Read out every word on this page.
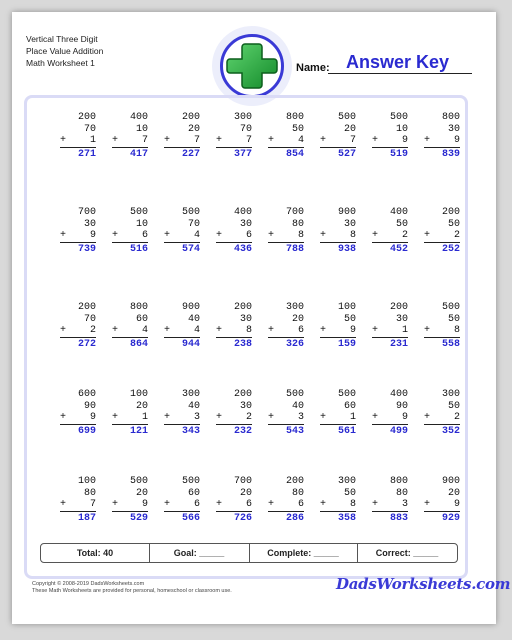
Vertical Three Digit
Place Value Addition
Math Worksheet 1	Name: Answer Key
200
70
1
+
271
400
10
7
+
417
200
20
7
+
227
300
70
7
+
377
800
50
4
+
854
500
20
7
+
527
500
10
9
+
519
800
30
9
+
839
700
30
9
+
739
500
10
6
+
516
500
70
4
+
574
400
30
6
+
436
700
80
8
+
788
900
30
8
+
938
400
50
2
+
452
200
50
2
+
252
200
70
2
+
272
800
60
4
+
864
900
40
4
+
944
200
30
8
+
238
300
20
6
+
326
100
50
9
+
159
200
30
1
+
231
500
50
8
+
558
600
90
9
+
699
100
20
1
+
121
300
40
3
+
343
200
30
2
+
232
500
40
3
+
543
500
60
1
+
561
400
90
9
+
499
300
50
2
+
352
100
80
7
+
187
500
20
9
+
529
500
60
6
+
566
700
20
6
+
726
200
80
6
+
286
300
50
8
+
358
800
80
3
+
883
900
20
9
+
929
Total: 40	Goal: _____	Complete: _____	Correct: _____
Copyright © 2008-2019 DadsWorksheets.com
These Math Worksheets are provided for personal, homeschool or classroom use.	DadsWorksheets.com
